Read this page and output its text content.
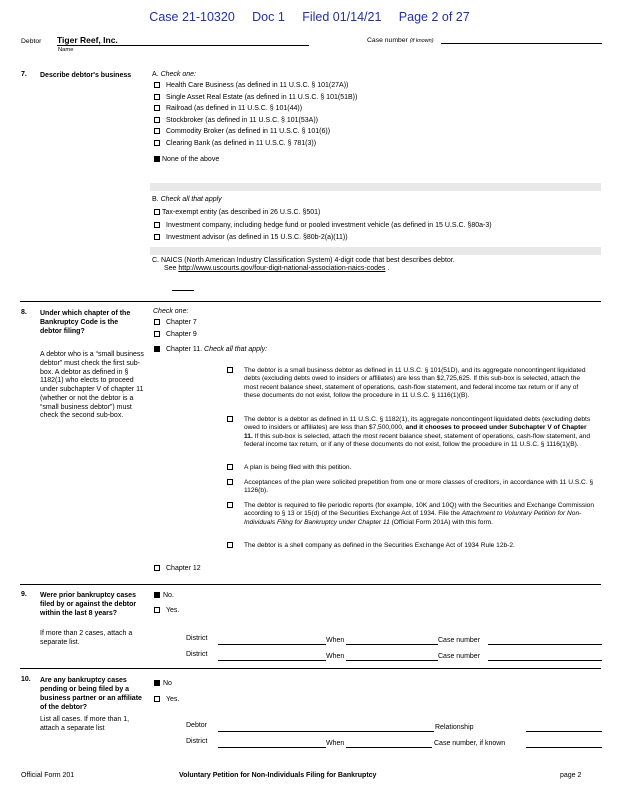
Case 21-10320 Doc 1 Filed 01/14/21 Page 2 of 27
Debtor Tiger Reef, Inc.
Name
Case number (if known)
7. Describe debtor's business	A. Check one:
Health Care Business (as defined in 11 U.S.C. § 101(27A))
Single Asset Real Estate (as defined in 11 U.S.C. § 101(51B))
Railroad (as defined in 11 U.S.C. § 101(44))
Stockbroker (as defined in 11 U.S.C. § 101(53A))
Commodity Broker (as defined in 11 U.S.C. § 101(6))
Clearing Bank (as defined in 11 U.S.C. § 781(3))
None of the above
B. Check all that apply
Tax-exempt entity (as described in 26 U.S.C. §501)
Investment company, including hedge fund or pooled investment vehicle (as defined in 15 U.S.C. §80a-3)
Investment advisor (as defined in 15 U.S.C. §80b-2(a)(11))
C. NAICS (North American Industry Classification System) 4-digit code that best describes debtor.
See http://www.uscourts.gov/four-digit-national-association-naics-codes .
8. Under which chapter of the Bankruptcy Code is the debtor filing?
A debtor who is a “small business debtor” must check the first sub-box. A debtor as defined in § 1182(1) who elects to proceed under subchapter V of chapter 11 (whether or not the debtor is a “small business debtor”) must check the second sub-box.
Check one:
Chapter 7
Chapter 9
Chapter 11. Check all that apply:
The debtor is a small business debtor as defined in 11 U.S.C. § 101(51D), and its aggregate noncontingent liquidated debts (excluding debts owed to insiders or affiliates) are less than $2,725,625. If this sub-box is selected, attach the most recent balance sheet, statement of operations, cash-flow statement, and federal income tax return or if any of these documents do not exist, follow the procedure in 11 U.S.C. § 1116(1)(B).
The debtor is a debtor as defined in 11 U.S.C. § 1182(1), its aggregate noncontingent liquidated debts (excluding debts owed to insiders or affiliates) are less than $7,500,000, and it chooses to proceed under Subchapter V of Chapter 11. If this sub-box is selected, attach the most recent balance sheet, statement of operations, cash-flow statement, and federal income tax return, or if any of these documents do not exist, follow the procedure in 11 U.S.C. § 1116(1)(B).
A plan is being filed with this petition.
Acceptances of the plan were solicited prepetition from one or more classes of creditors, in accordance with 11 U.S.C. § 1126(b).
The debtor is required to file periodic reports (for example, 10K and 10Q) with the Securities and Exchange Commission according to § 13 or 15(d) of the Securities Exchange Act of 1934. File the Attachment to Voluntary Petition for Non-Individuals Filing for Bankruptcy under Chapter 11 (Official Form 201A) with this form.
The debtor is a shell company as defined in the Securities Exchange Act of 1934 Rule 12b-2.
Chapter 12
9. Were prior bankruptcy cases filed by or against the debtor within the last 8 years?
If more than 2 cases, attach a separate list.
No.
Yes.
District	When	Case number
District	When	Case number
10. Are any bankruptcy cases pending or being filed by a business partner or an affiliate of the debtor?
List all cases. If more than 1, attach a separate list
No
Yes.
Debtor	Relationship
District	When	Case number, if known
Official Form 201	Voluntary Petition for Non-Individuals Filing for Bankruptcy	page 2
